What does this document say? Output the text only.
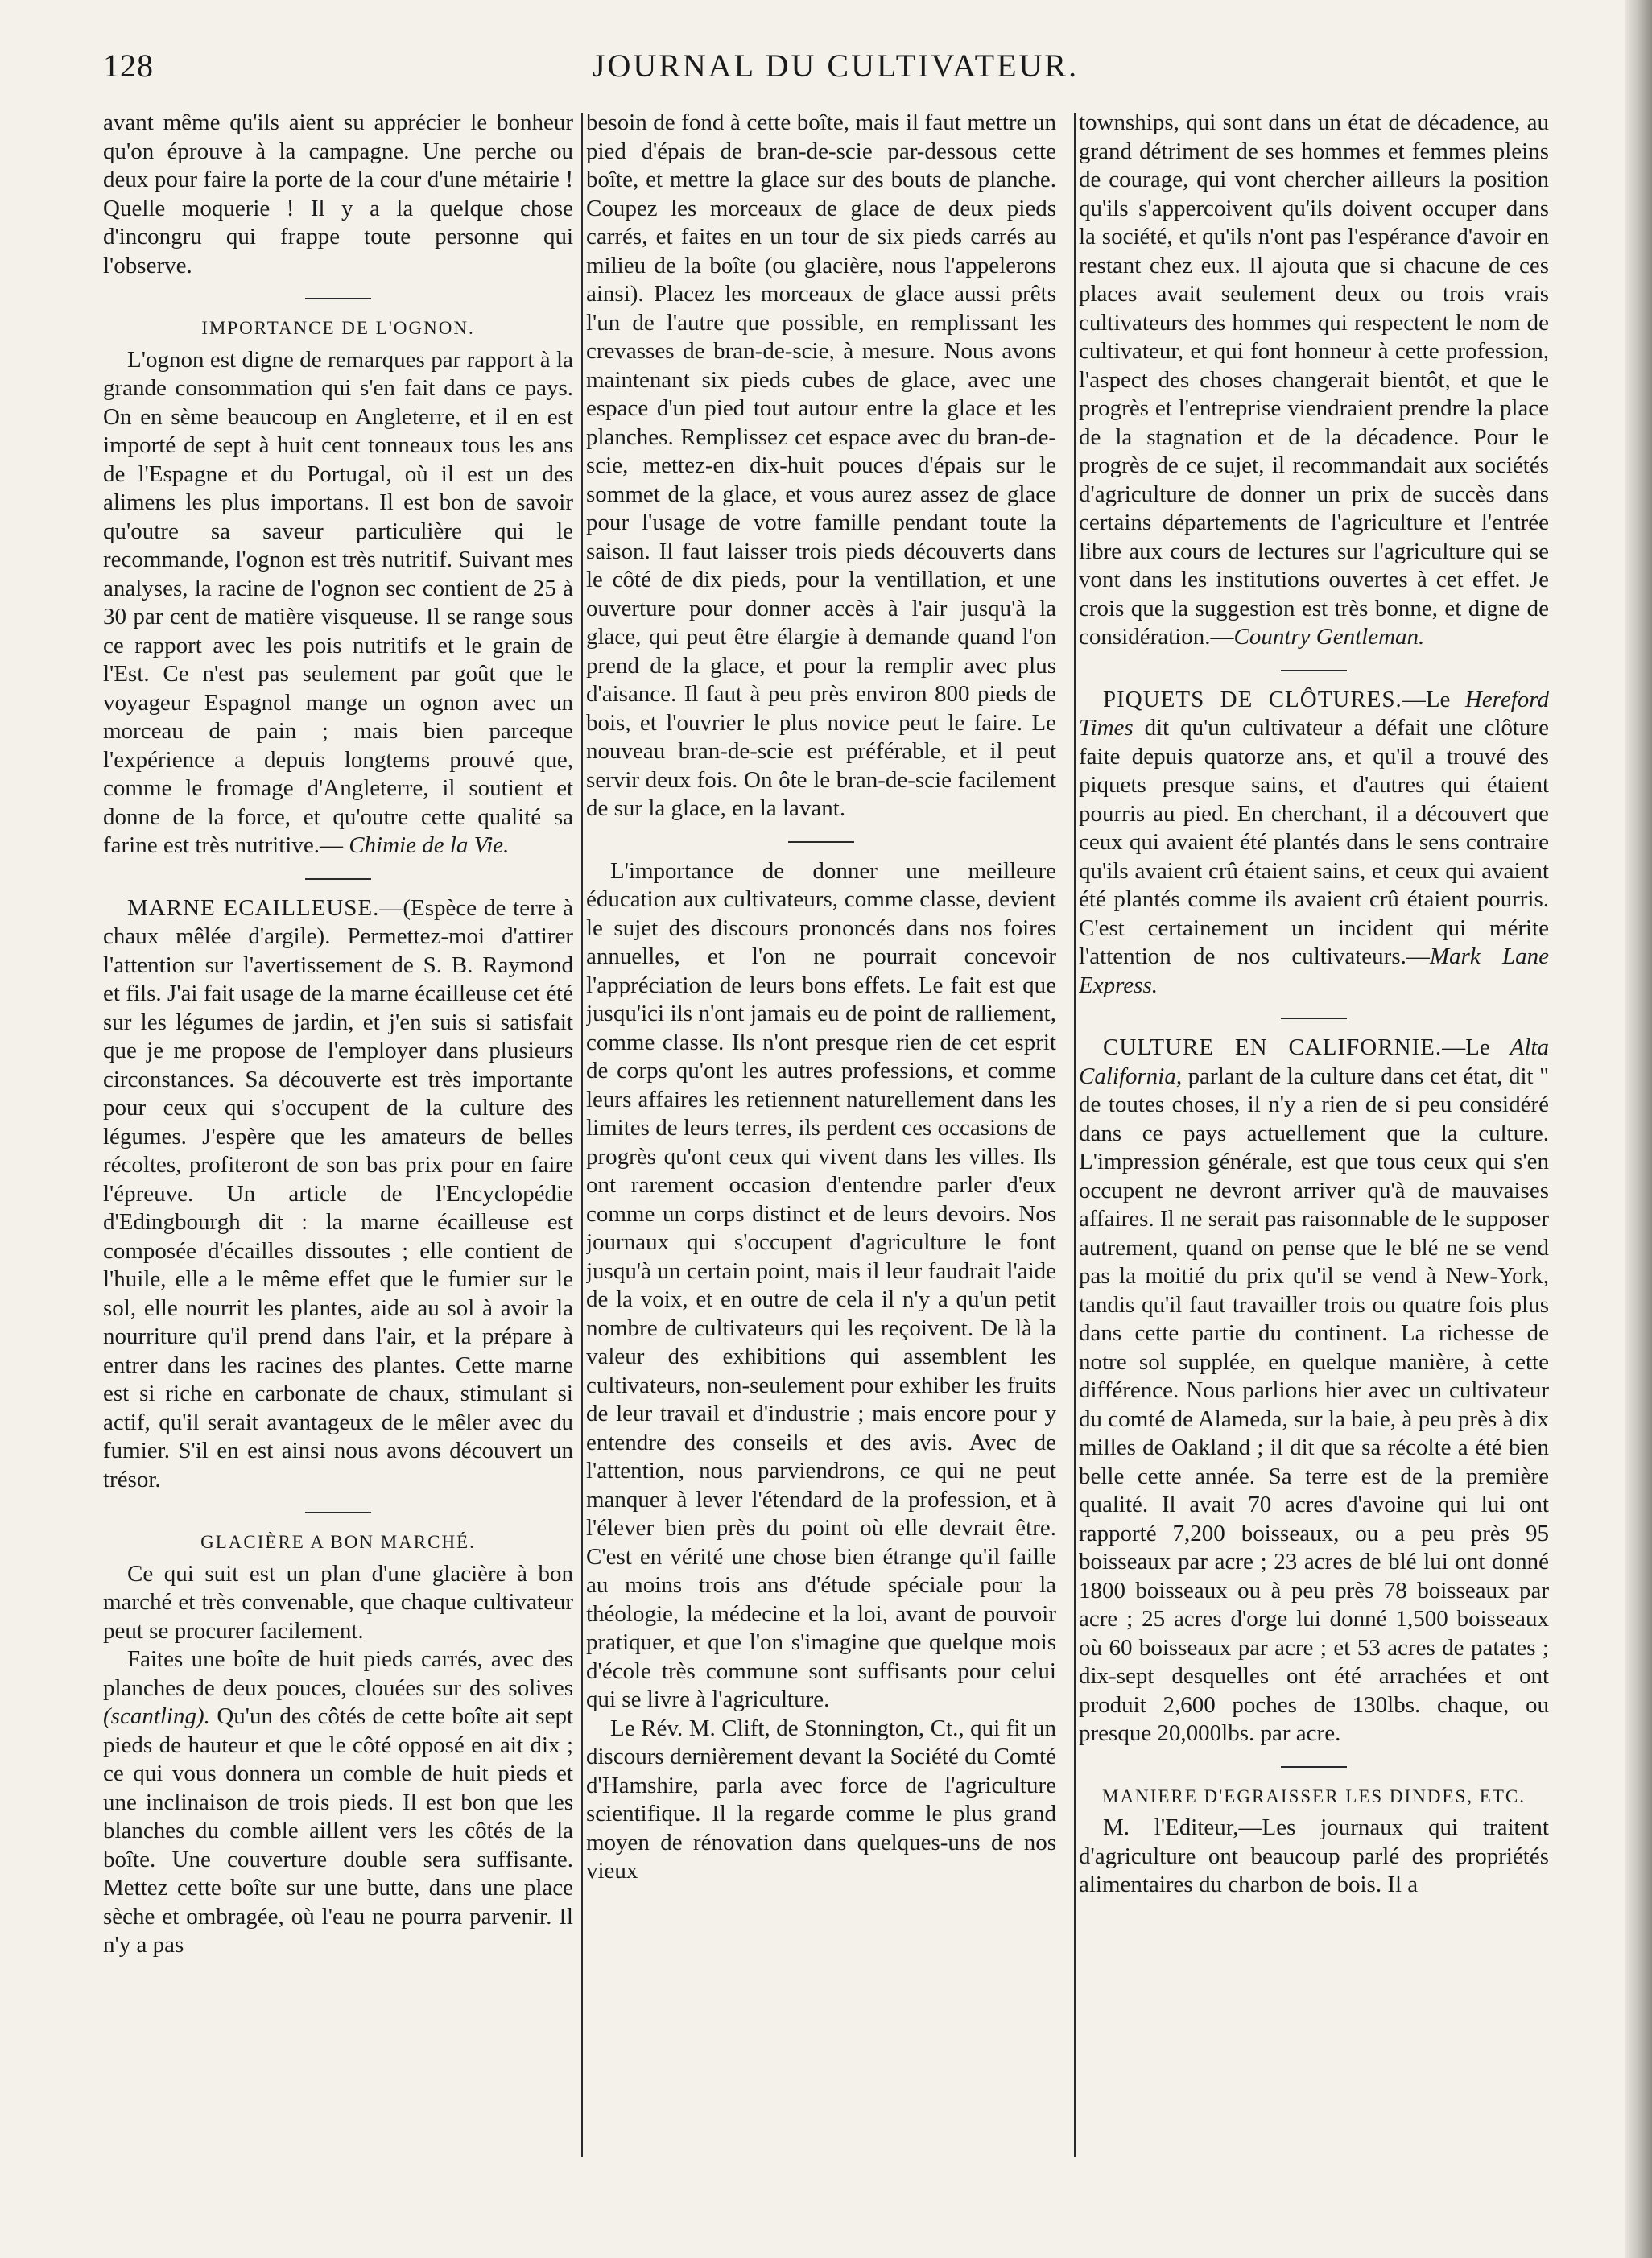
128	JOURNAL DU CULTIVATEUR.

avant même qu'ils aient su apprécier le bonheur qu'on éprouve à la campagne. Une perche ou deux pour faire la porte de la cour d'une métairie ! Quelle moquerie ! Il y a la quelque chose d'incongru qui frappe toute personne qui l'observe.

IMPORTANCE DE L'OGNON.

L'ognon est digne de remarques par rapport à la grande consommation qui s'en fait dans ce pays. On en sème beaucoup en Angleterre, et il en est importé de sept à huit cent tonneaux tous les ans de l'Espagne et du Portugal, où il est un des alimens les plus importans. Il est bon de savoir qu'outre sa saveur particulière qui le recommande, l'ognon est très nutritif. Suivant mes analyses, la racine de l'ognon sec contient de 25 à 30 par cent de matière visqueuse. Il se range sous ce rapport avec les pois nutritifs et le grain de l'Est. Ce n'est pas seulement par goût que le voyageur Espagnol mange un ognon avec un morceau de pain ; mais bien parceque l'expérience a depuis longtems prouvé que, comme le fromage d'Angleterre, il soutient et donne de la force, et qu'outre cette qualité sa farine est très nutritive.— Chimie de la Vie.

MARNE ECAILLEUSE.—(Espèce de terre à chaux mêlée d'argile). Permettez-moi d'attirer l'attention sur l'avertissement de S. B. Raymond et fils. J'ai fait usage de la marne écailleuse cet été sur les légumes de jardin, et j'en suis si satisfait que je me propose de l'employer dans plusieurs circonstances. Sa découverte est très importante pour ceux qui s'occupent de la culture des légumes. J'espère que les amateurs de belles récoltes, profiteront de son bas prix pour en faire l'épreuve. Un article de l'Encyclopédie d'Edingbourgh dit : la marne écailleuse est composée d'écailles dissoutes ; elle contient de l'huile, elle a le même effet que le fumier sur le sol, elle nourrit les plantes, aide au sol à avoir la nourriture qu'il prend dans l'air, et la prépare à entrer dans les racines des plantes. Cette marne est si riche en carbonate de chaux, stimulant si actif, qu'il serait avantageux de le mêler avec du fumier. S'il en est ainsi nous avons découvert un trésor.

GLACIÈRE A BON MARCHÉ.

Ce qui suit est un plan d'une glacière à bon marché et très convenable, que chaque cultivateur peut se procurer facilement.

Faites une boîte de huit pieds carrés, avec des planches de deux pouces, clouées sur des solives (scantling). Qu'un des côtés de cette boîte ait sept pieds de hauteur et que le côté opposé en ait dix ; ce qui vous donnera un comble de huit pieds et une inclinaison de trois pieds. Il est bon que les blanches du comble aillent vers les côtés de la boîte. Une couverture double sera suffisante. Mettez cette boîte sur une butte, dans une place sèche et ombragée, où l'eau ne pourra parvenir. Il n'y a pas

besoin de fond à cette boîte, mais il faut mettre un pied d'épais de bran-de-scie par-dessous cette boîte, et mettre la glace sur des bouts de planche. Coupez les morceaux de glace de deux pieds carrés, et faites en un tour de six pieds carrés au milieu de la boîte (ou glacière, nous l'appelerons ainsi). Placez les morceaux de glace aussi prêts l'un de l'autre que possible, en remplissant les crevasses de bran-de-scie, à mesure. Nous avons maintenant six pieds cubes de glace, avec une espace d'un pied tout autour entre la glace et les planches. Remplissez cet espace avec du bran-de-scie, mettez-en dix-huit pouces d'épais sur le sommet de la glace, et vous aurez assez de glace pour l'usage de votre famille pendant toute la saison. Il faut laisser trois pieds découverts dans le côté de dix pieds, pour la ventillation, et une ouverture pour donner accès à l'air jusqu'à la glace, qui peut être élargie à demande quand l'on prend de la glace, et pour la remplir avec plus d'aisance. Il faut à peu près environ 800 pieds de bois, et l'ouvrier le plus novice peut le faire. Le nouveau bran-de-scie est préférable, et il peut servir deux fois. On ôte le bran-de-scie facilement de sur la glace, en la lavant.

L'importance de donner une meilleure éducation aux cultivateurs, comme classe, devient le sujet des discours prononcés dans nos foires annuelles, et l'on ne pourrait concevoir l'appréciation de leurs bons effets. Le fait est que jusqu'ici ils n'ont jamais eu de point de ralliement, comme classe. Ils n'ont presque rien de cet esprit de corps qu'ont les autres professions, et comme leurs affaires les retiennent naturellement dans les limites de leurs terres, ils perdent ces occasions de progrès qu'ont ceux qui vivent dans les villes. Ils ont rarement occasion d'entendre parler d'eux comme un corps distinct et de leurs devoirs. Nos journaux qui s'occupent d'agriculture le font jusqu'à un certain point, mais il leur faudrait l'aide de la voix, et en outre de cela il n'y a qu'un petit nombre de cultivateurs qui les reçoivent. De là la valeur des exhibitions qui assemblent les cultivateurs, non-seulement pour exhiber les fruits de leur travail et d'industrie ; mais encore pour y entendre des conseils et des avis. Avec de l'attention, nous parviendrons, ce qui ne peut manquer à lever l'étendard de la profession, et à l'élever bien près du point où elle devrait être. C'est en vérité une chose bien étrange qu'il faille au moins trois ans d'étude spéciale pour la théologie, la médecine et la loi, avant de pouvoir pratiquer, et que l'on s'imagine que quelque mois d'école très commune sont suffisants pour celui qui se livre à l'agriculture.

Le Rév. M. Clift, de Stonnington, Ct., qui fit un discours dernièrement devant la Société du Comté d'Hamshire, parla avec force de l'agriculture scientifique. Il la regarde comme le plus grand moyen de rénovation dans quelques-uns de nos vieux

townships, qui sont dans un état de décadence, au grand détriment de ses hommes et femmes pleins de courage, qui vont chercher ailleurs la position qu'ils s'appercoivent qu'ils doivent occuper dans la société, et qu'ils n'ont pas l'espérance d'avoir en restant chez eux. Il ajouta que si chacune de ces places avait seulement deux ou trois vrais cultivateurs des hommes qui respectent le nom de cultivateur, et qui font honneur à cette profession, l'aspect des choses changerait bientôt, et que le progrès et l'entreprise viendraient prendre la place de la stagnation et de la décadence. Pour le progrès de ce sujet, il recommandait aux sociétés d'agriculture de donner un prix de succès dans certains départements de l'agriculture et l'entrée libre aux cours de lectures sur l'agriculture qui se vont dans les institutions ouvertes à cet effet. Je crois que la suggestion est très bonne, et digne de considération.—Country Gentleman.

PIQUETS DE CLÔTURES.—Le Hereford Times dit qu'un cultivateur a défait une clôture faite depuis quatorze ans, et qu'il a trouvé des piquets presque sains, et d'autres qui étaient pourris au pied. En cherchant, il a découvert que ceux qui avaient été plantés dans le sens contraire qu'ils avaient crû étaient sains, et ceux qui avaient été plantés comme ils avaient crû étaient pourris. C'est certainement un incident qui mérite l'attention de nos cultivateurs.—Mark Lane Express.

CULTURE EN CALIFORNIE.—Le Alta California, parlant de la culture dans cet état, dit " de toutes choses, il n'y a rien de si peu considéré dans ce pays actuellement que la culture. L'impression générale, est que tous ceux qui s'en occupent ne devront arriver qu'à de mauvaises affaires. Il ne serait pas raisonnable de le supposer autrement, quand on pense que le blé ne se vend pas la moitié du prix qu'il se vend à New-York, tandis qu'il faut travailler trois ou quatre fois plus dans cette partie du continent. La richesse de notre sol supplée, en quelque manière, à cette différence. Nous parlions hier avec un cultivateur du comté de Alameda, sur la baie, à peu près à dix milles de Oakland ; il dit que sa récolte a été bien belle cette année. Sa terre est de la première qualité. Il avait 70 acres d'avoine qui lui ont rapporté 7,200 boisseaux, ou a peu près 95 boisseaux par acre ; 23 acres de blé lui ont donné 1800 boisseaux ou à peu près 78 boisseaux par acre ; 25 acres d'orge lui donné 1,500 boisseaux où 60 boisseaux par acre ; et 53 acres de patates ; dix-sept desquelles ont été arrachées et ont produit 2,600 poches de 130lbs. chaque, ou presque 20,000lbs. par acre.

MANIERE D'EGRAISSER LES DINDES, ETC.

M. l'Editeur,—Les journaux qui traitent d'agriculture ont beaucoup parlé des propriétés alimentaires du charbon de bois. Il a
